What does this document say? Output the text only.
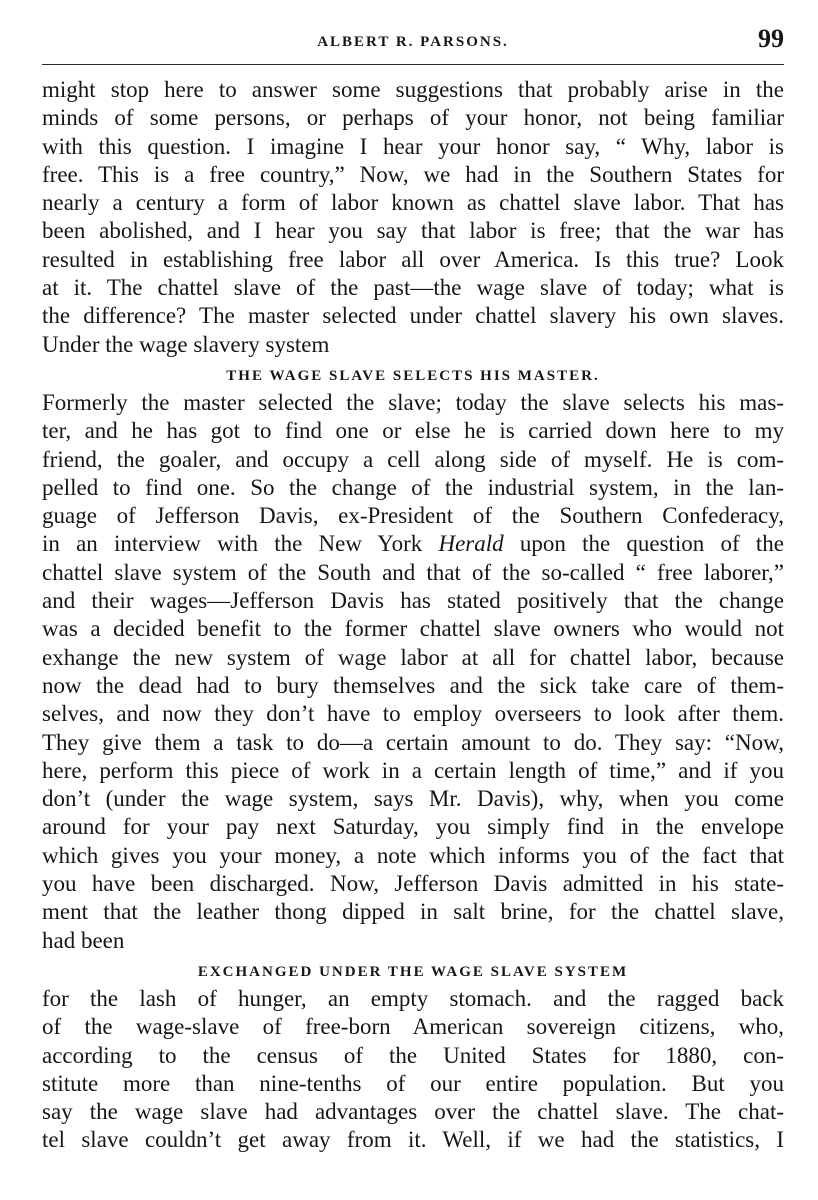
ALBERT R. PARSONS.	99
might stop here to answer some suggestions that probably arise in the
minds of some persons, or perhaps of your honor, not being familiar
with this question. I imagine I hear your honor say, “ Why, labor is
free. This is a free country,” Now, we had in the Southern States for
nearly a century a form of labor known as chattel slave labor. That has
been abolished, and I hear you say that labor is free; that the war has
resulted in establishing free labor all over America. Is this true? Look
at it. The chattel slave of the past—the wage slave of today; what is
the difference? The master selected under chattel slavery his own slaves.
Under the wage slavery system
THE WAGE SLAVE SELECTS HIS MASTER.
Formerly the master selected the slave; today the slave selects his mas-
ter, and he has got to find one or else he is carried down here to my
friend, the goaler, and occupy a cell along side of myself. He is com-
pelled to find one. So the change of the industrial system, in the lan-
guage of Jefferson Davis, ex-President of the Southern Confederacy,
in an interview with the New York Herald upon the question of the
chattel slave system of the South and that of the so-called “ free laborer,”
and their wages—Jefferson Davis has stated positively that the change
was a decided benefit to the former chattel slave owners who would not
exhange the new system of wage labor at all for chattel labor, because
now the dead had to bury themselves and the sick take care of them-
selves, and now they don’t have to employ overseers to look after them.
They give them a task to do—a certain amount to do. They say: “Now,
here, perform this piece of work in a certain length of time,” and if you
don’t (under the wage system, says Mr. Davis), why, when you come
around for your pay next Saturday, you simply find in the envelope
which gives you your money, a note which informs you of the fact that
you have been discharged. Now, Jefferson Davis admitted in his state-
ment that the leather thong dipped in salt brine, for the chattel slave,
had been
EXCHANGED UNDER THE WAGE SLAVE SYSTEM
for the lash of hunger, an empty stomach. and the ragged back
of the wage-slave of free-born American sovereign citizens, who,
according to the census of the United States for 1880, con-
stitute more than nine-tenths of our entire population. But you
say the wage slave had advantages over the chattel slave. The chat-
tel slave couldn’t get away from it. Well, if we had the statistics, I
